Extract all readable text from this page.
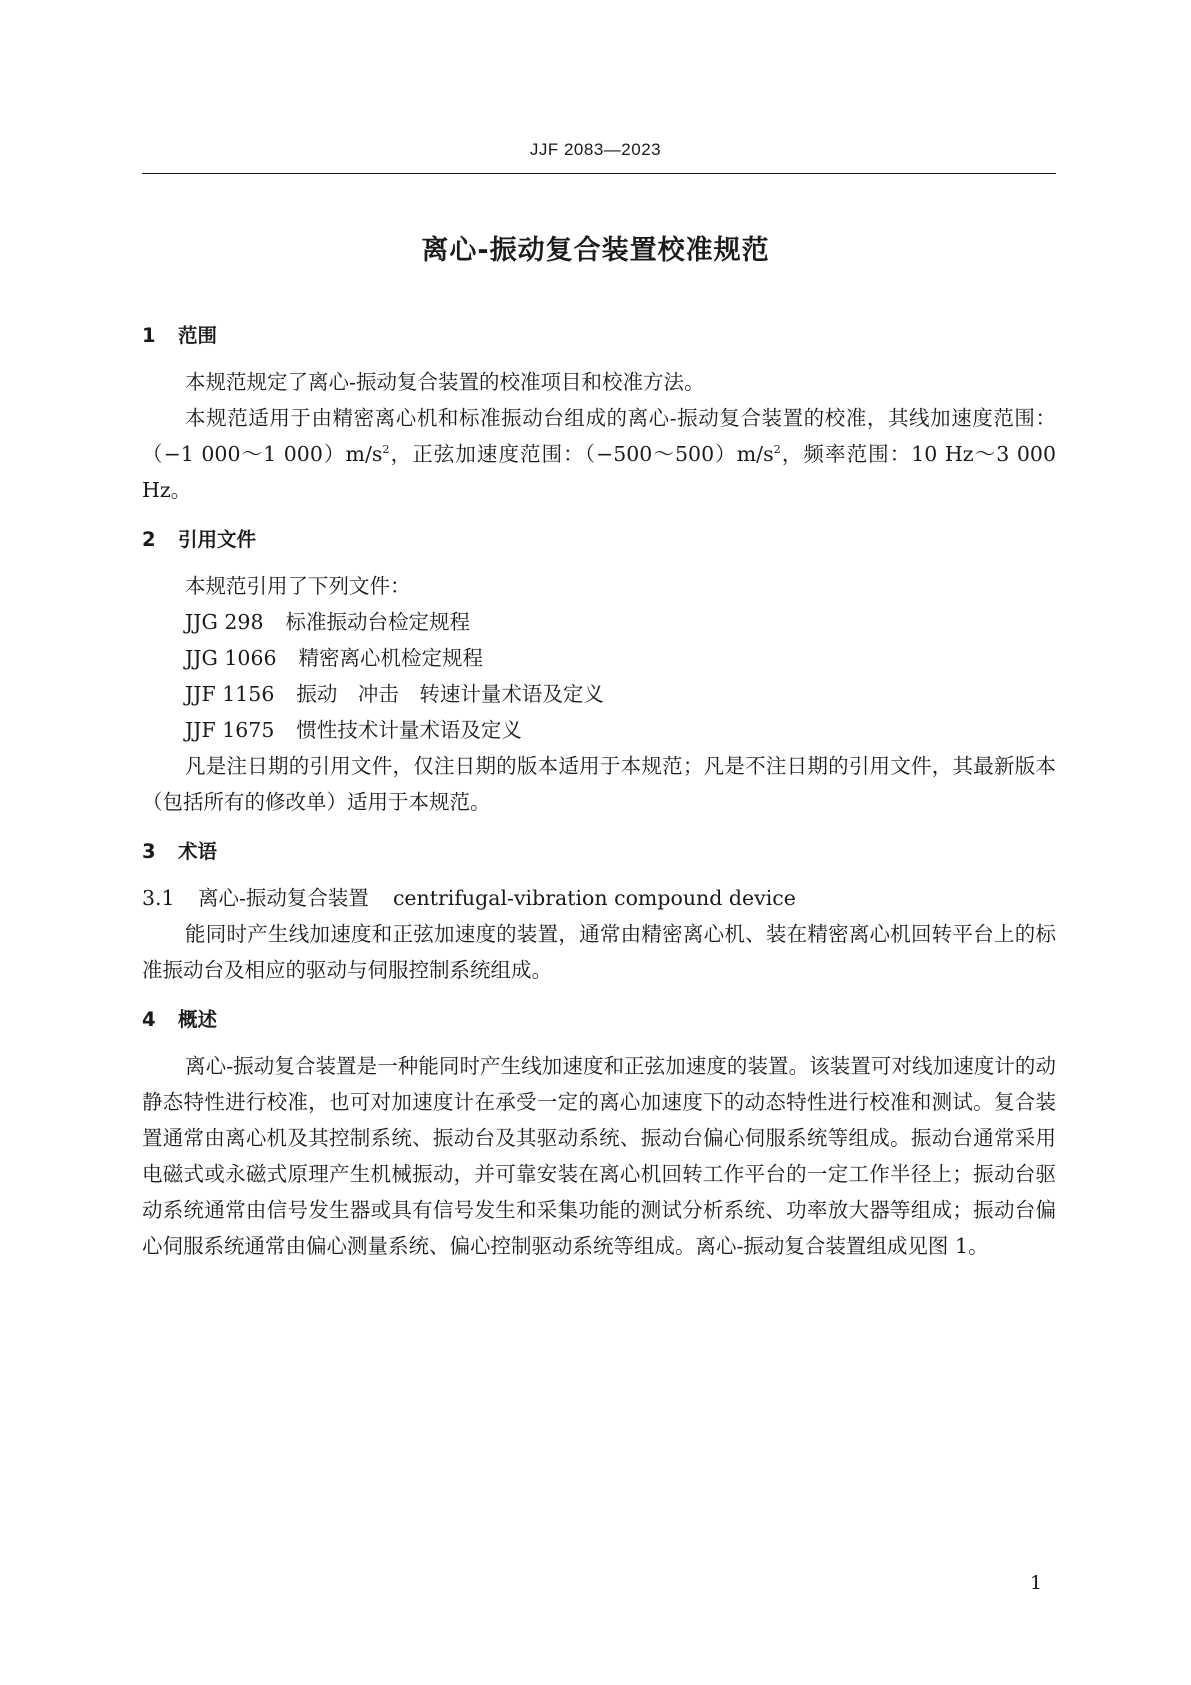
JJF 2083—2023
离心-振动复合装置校准规范
1 范围

本规范规定了离心-振动复合装置的校准项目和校准方法。

本规范适用于由精密离心机和标准振动台组成的离心-振动复合装置的校准，其线加速度范围：（−1 000～1 $000)m/s^2$，正弦加速度范围：$(-500\sim 500)m/s^2$，频率范围：10 Hz～3 000 Hz。

2 引用文件

本规范引用了下列文件：

JJG 298 标准振动台检定规程
JJG 1066 精密离心机检定规程
JJF 1156 振动　冲击　转速计量术语及定义
JJF 1675 惯性技术计量术语及定义

凡是注日期的引用文件，仅注日期的版本适用于本规范；凡是不注日期的引用文件，其最新版本（包括所有的修改单）适用于本规范。

3 术语
3.1 离心-振动复合装置 centrifugal-vibration compound device

能同时产生线加速度和正弦加速度的装置，通常由精密离心机、装在精密离心机回转平台上的标准振动台及相应的驱动与伺服控制系统组成。

4 概述

离心-振动复合装置是一种能同时产生线加速度和正弦加速度的装置。该装置可对线加速度计的动静态特性进行校准，也可对加速度计在承受一定的离心加速度下的动态特性进行校准和测试。复合装置通常由离心机及其控制系统、振动台及其驱动系统、振动台偏心伺服系统等组成。振动台通常采用电磁式或永磁式原理产生机械振动，并可靠安装在离心机回转工作平台的一定工作半径上；振动台驱动系统通常由信号发生器或具有信号发生和采集功能的测试分析系统、功率放大器等组成；振动台偏心伺服系统通常由偏心测量系统、偏心控制驱动系统等组成。离心-振动复合装置组成见图 1。

1
